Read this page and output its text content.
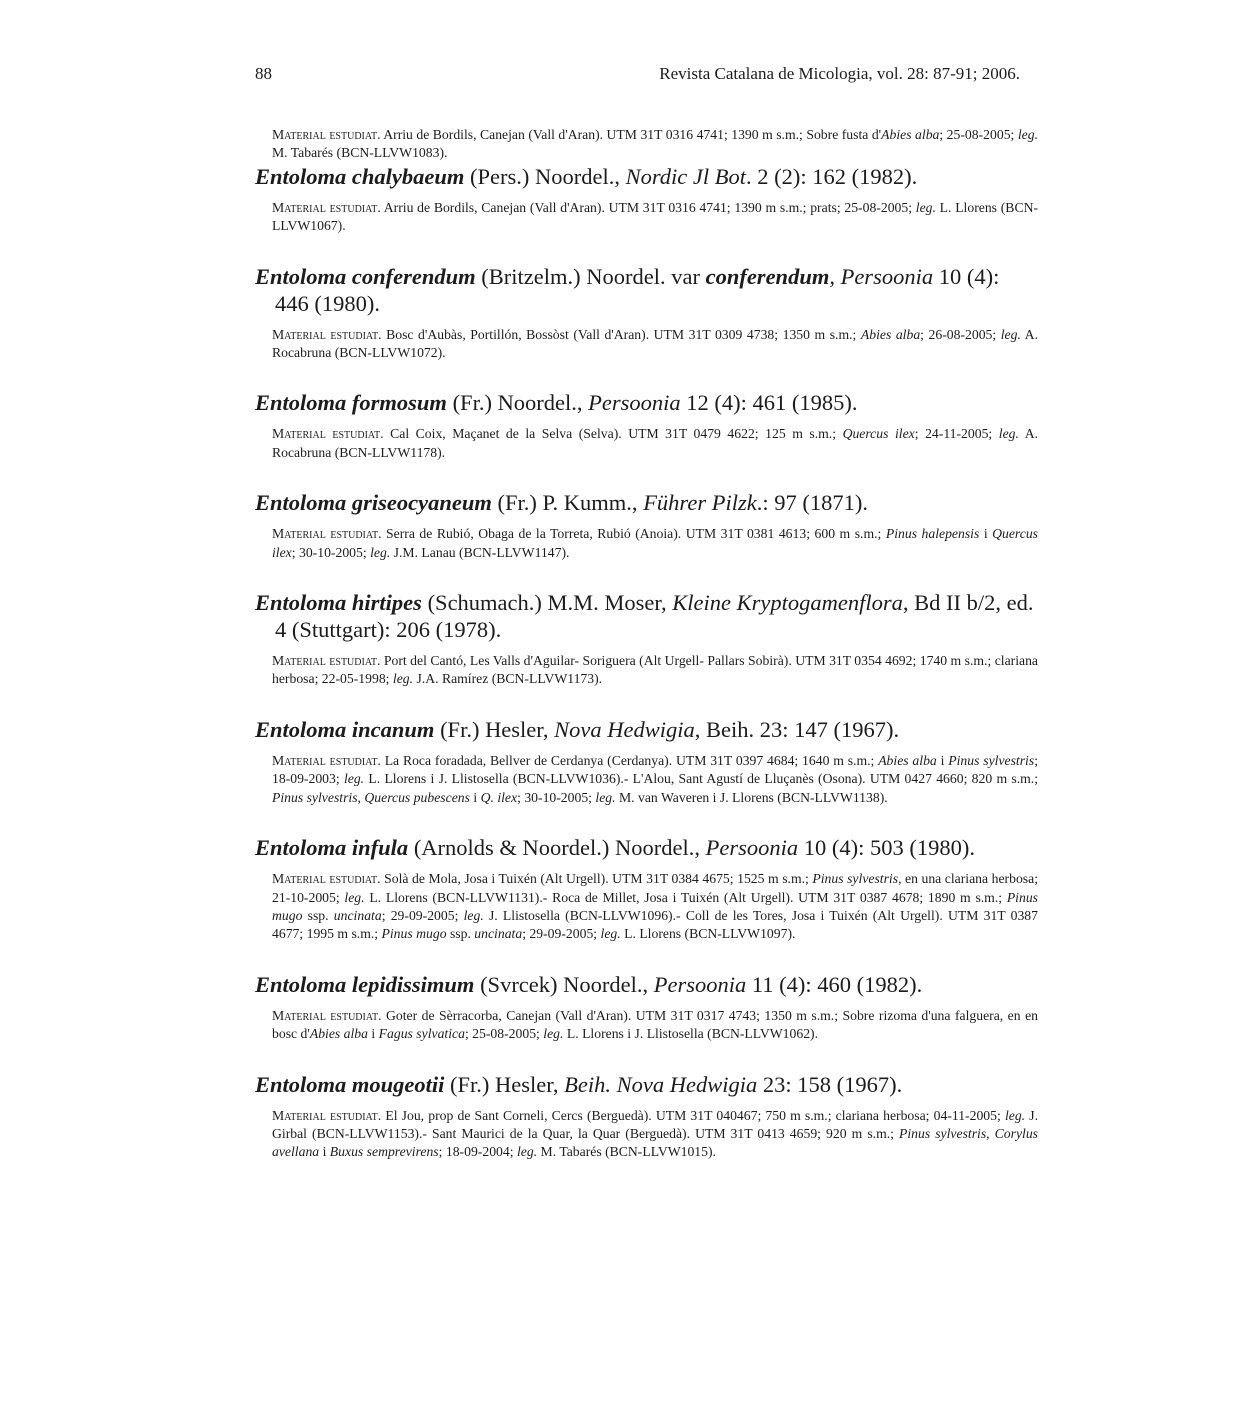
88	Revista Catalana de Micologia, vol. 28: 87-91; 2006.

Material estudiat. Arriu de Bordils, Canejan (Vall d'Aran). UTM 31T 0316 4741; 1390 m s.m.; Sobre fusta d'Abies alba; 25-08-2005; leg. M. Tabarés (BCN-LLVW1083).

Entoloma chalybaeum (Pers.) Noordel., Nordic Jl Bot. 2 (2): 162 (1982).

Material estudiat. Arriu de Bordils, Canejan (Vall d'Aran). UTM 31T 0316 4741; 1390 m s.m.; prats; 25-08-2005; leg. L. Llorens (BCN-LLVW1067).

Entoloma conferendum (Britzelm.) Noordel. var conferendum, Persoonia 10 (4): 446 (1980).

Material estudiat. Bosc d'Aubàs, Portillón, Bossòst (Vall d'Aran). UTM 31T 0309 4738; 1350 m s.m.; Abies alba; 26-08-2005; leg. A. Rocabruna (BCN-LLVW1072).

Entoloma formosum (Fr.) Noordel., Persoonia 12 (4): 461 (1985).

Material estudiat. Cal Coix, Maçanet de la Selva (Selva). UTM 31T 0479 4622; 125 m s.m.; Quercus ilex; 24-11-2005; leg. A. Rocabruna (BCN-LLVW1178).

Entoloma griseocyaneum (Fr.) P. Kumm., Führer Pilzk.: 97 (1871).

Material estudiat. Serra de Rubió, Obaga de la Torreta, Rubió (Anoia). UTM 31T 0381 4613; 600 m s.m.; Pinus halepensis i Quercus ilex; 30-10-2005; leg. J.M. Lanau (BCN-LLVW1147).

Entoloma hirtipes (Schumach.) M.M. Moser, Kleine Kryptogamenflora, Bd II b/2, ed. 4 (Stuttgart): 206 (1978).

Material estudiat. Port del Cantó, Les Valls d'Aguilar- Soriguera (Alt Urgell- Pallars Sobirà). UTM 31T 0354 4692; 1740 m s.m.; clariana herbosa; 22-05-1998; leg. J.A. Ramírez (BCN-LLVW1173).

Entoloma incanum (Fr.) Hesler, Nova Hedwigia, Beih. 23: 147 (1967).

Material estudiat. La Roca foradada, Bellver de Cerdanya (Cerdanya). UTM 31T 0397 4684; 1640 m s.m.; Abies alba i Pinus sylvestris; 18-09-2003; leg. L. Llorens i J. Llistosella (BCN-LLVW1036).- L'Alou, Sant Agustí de Lluçanès (Osona). UTM 0427 4660; 820 m s.m.; Pinus sylvestris, Quercus pubescens i Q. ilex; 30-10-2005; leg. M. van Waveren i J. Llorens (BCN-LLVW1138).

Entoloma infula (Arnolds & Noordel.) Noordel., Persoonia 10 (4): 503 (1980).

Material estudiat. Solà de Mola, Josa i Tuixén (Alt Urgell). UTM 31T 0384 4675; 1525 m s.m.; Pinus sylvestris, en una clariana herbosa; 21-10-2005; leg. L. Llorens (BCN-LLVW1131).- Roca de Millet, Josa i Tuixén (Alt Urgell). UTM 31T 0387 4678; 1890 m s.m.; Pinus mugo ssp. uncinata; 29-09-2005; leg. J. Llistosella (BCN-LLVW1096).- Coll de les Tores, Josa i Tuixén (Alt Urgell). UTM 31T 0387 4677; 1995 m s.m.; Pinus mugo ssp. uncinata; 29-09-2005; leg. L. Llorens (BCN-LLVW1097).

Entoloma lepidissimum (Svrcek) Noordel., Persoonia 11 (4): 460 (1982).

Material estudiat. Goter de Sèrracorba, Canejan (Vall d'Aran). UTM 31T 0317 4743; 1350 m s.m.; Sobre rizoma d'una falguera, en en bosc d'Abies alba i Fagus sylvatica; 25-08-2005; leg. L. Llorens i J. Llistosella (BCN-LLVW1062).

Entoloma mougeotii (Fr.) Hesler, Beih. Nova Hedwigia 23: 158 (1967).

Material estudiat. El Jou, prop de Sant Corneli, Cercs (Berguedà). UTM 31T 040467; 750 m s.m.; clariana herbosa; 04-11-2005; leg. J. Girbal (BCN-LLVW1153).- Sant Maurici de la Quar, la Quar (Berguedà). UTM 31T 0413 4659; 920 m s.m.; Pinus sylvestris, Corylus avellana i Buxus semprevirens; 18-09-2004; leg. M. Tabarés (BCN-LLVW1015).
